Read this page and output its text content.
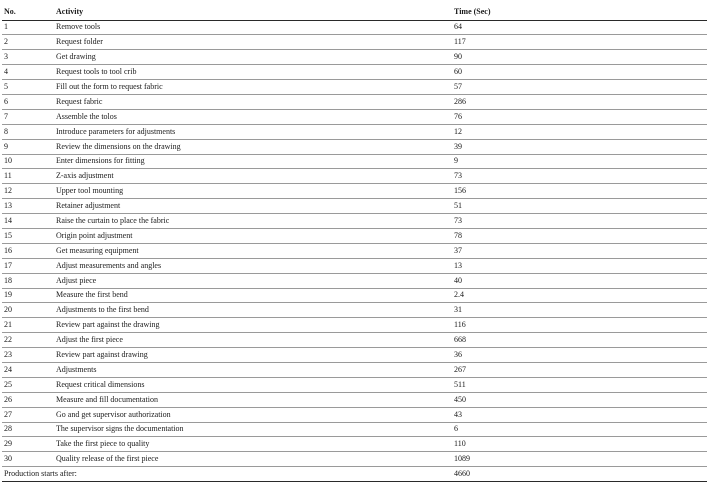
No.	Activity	Time (Sec)
1	Remove tools	64
2	Request folder	117
3	Get drawing	90
4	Request tools to tool crib	60
5	Fill out the form to request fabric	57
6	Request fabric	286
7	Assemble the tolos	76
8	Introduce parameters for adjustments	12
9	Review the dimensions on the drawing	39
10	Enter dimensions for fitting	9
11	Z-axis adjustment	73
12	Upper tool mounting	156
13	Retainer adjustment	51
14	Raise the curtain to place the fabric	73
15	Origin point adjustment	78
16	Get measuring equipment	37
17	Adjust measurements and angles	13
18	Adjust piece	40
19	Measure the first bend	2.4
20	Adjustments to the first bend	31
21	Review part against the drawing	116
22	Adjust the first piece	668
23	Review part against drawing	36
24	Adjustments	267
25	Request critical dimensions	511
26	Measure and fill documentation	450
27	Go and get supervisor authorization	43
28	The supervisor signs the documentation	6
29	Take the first piece to quality	110
30	Quality release of the first piece	1089
Production starts after:		4660
